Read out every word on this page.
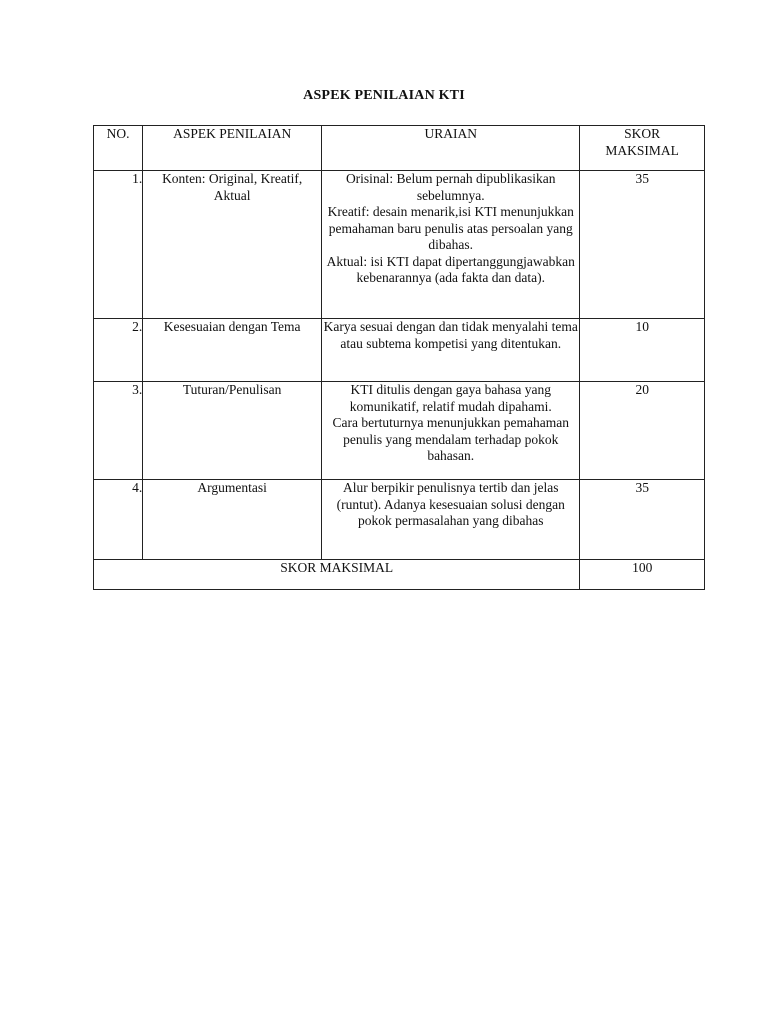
ASPEK PENILAIAN KTI
NO.	ASPEK PENILAIAN	URAIAN	SKOR
MAKSIMAL

1.	Konten: Original, Kreatif, Aktual	Orisinal: Belum pernah dipublikasikan sebelumnya.
Kreatif: desain menarik,isi KTI menunjukkan pemahaman baru penulis atas persoalan yang dibahas.
Aktual: isi KTI dapat dipertanggungjawabkan kebenarannya (ada fakta dan data).	35
2.	Kesesuaian dengan Tema	Karya sesuai dengan dan tidak menyalahi tema atau subtema kompetisi yang ditentukan.	10
3.	Tuturan/Penulisan	KTI ditulis dengan gaya bahasa yang komunikatif, relatif mudah dipahami.
Cara bertuturnya menunjukkan pemahaman penulis yang mendalam terhadap pokok bahasan.	20
4.	Argumentasi	Alur berpikir penulisnya tertib dan jelas (runtut). Adanya kesesuaian solusi dengan pokok permasalahan yang dibahas	35
SKOR MAKSIMAL			100
